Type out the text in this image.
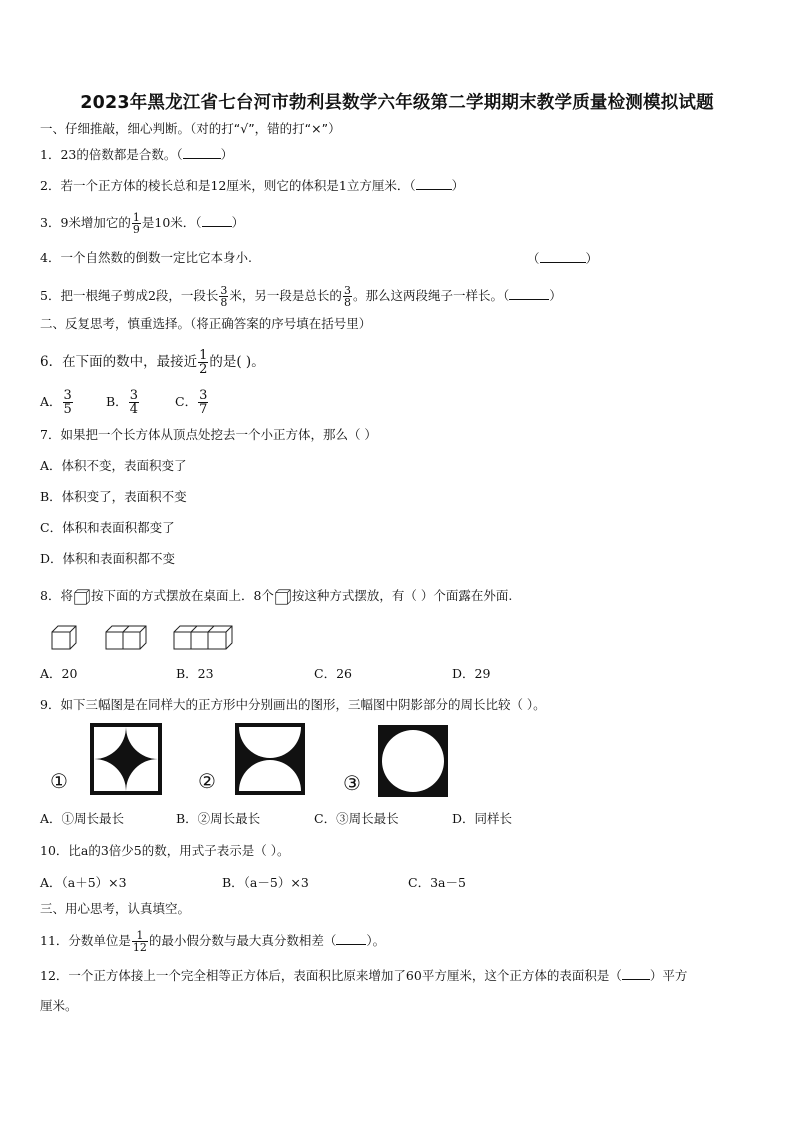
2023年黑龙江省七台河市勃利县数学六年级第二学期期末教学质量检测模拟试题
一、仔细推敲，细心判断。（对的打“√”，错的打“×”）
1．23的倍数都是合数。（	）
2．若一个正方体的棱长总和是12厘米，则它的体积是1立方厘米．（	）
3．9米增加它的 $\frac{1}{9}$ 是10米．（ ）
4．一个自然数的倒数一定比它本身小.	（	）
5．把一根绳子剪成2段，一段长 $\frac{3}{8}$ 米，另一段是总长的 $\frac{3}{8}$ 。那么这两段绳子一样长。（	）
二、反复思考，慎重选择。（将正确答案的序号填在括号里）
6．在下面的数中，最接近 $\frac{1}{2}$ 的是( )。
A． $\frac{3}{5}$	B． $\frac{3}{4}$	C． $\frac{3}{7}$
7．如果把一个长方体从顶点处挖去一个小正方体，那么（ ）
A．体积不变，表面积变了
B．体积变了，表面积不变
C．体积和表面积都变了
D．体积和表面积都不变
8．将 按下面的方式摆放在桌面上．8个 按这种方式摆放，有（ ）个面露在外面.
A．20	B．23	C．26	D．29
9．如下三幅图是在同样大的正方形中分别画出的图形，三幅图中阴影部分的周长比较（ ）。
①	②	③
A．①周长最长	B．②周长最长	C．③周长最长	D．同样长
10．比a的3倍少5的数，用式子表示是（ ）。
A．（a＋5）×3	B．（a－5）×3	C．3a－5
三、用心思考，认真填空。
11．分数单位是 $\frac{1}{12}$ 的最小假分数与最大真分数相差（ ）。
12．一个正方体接上一个完全相等正方体后，表面积比原来增加了60平方厘米，这个正方体的表面积是（ ）平方
厘米。
